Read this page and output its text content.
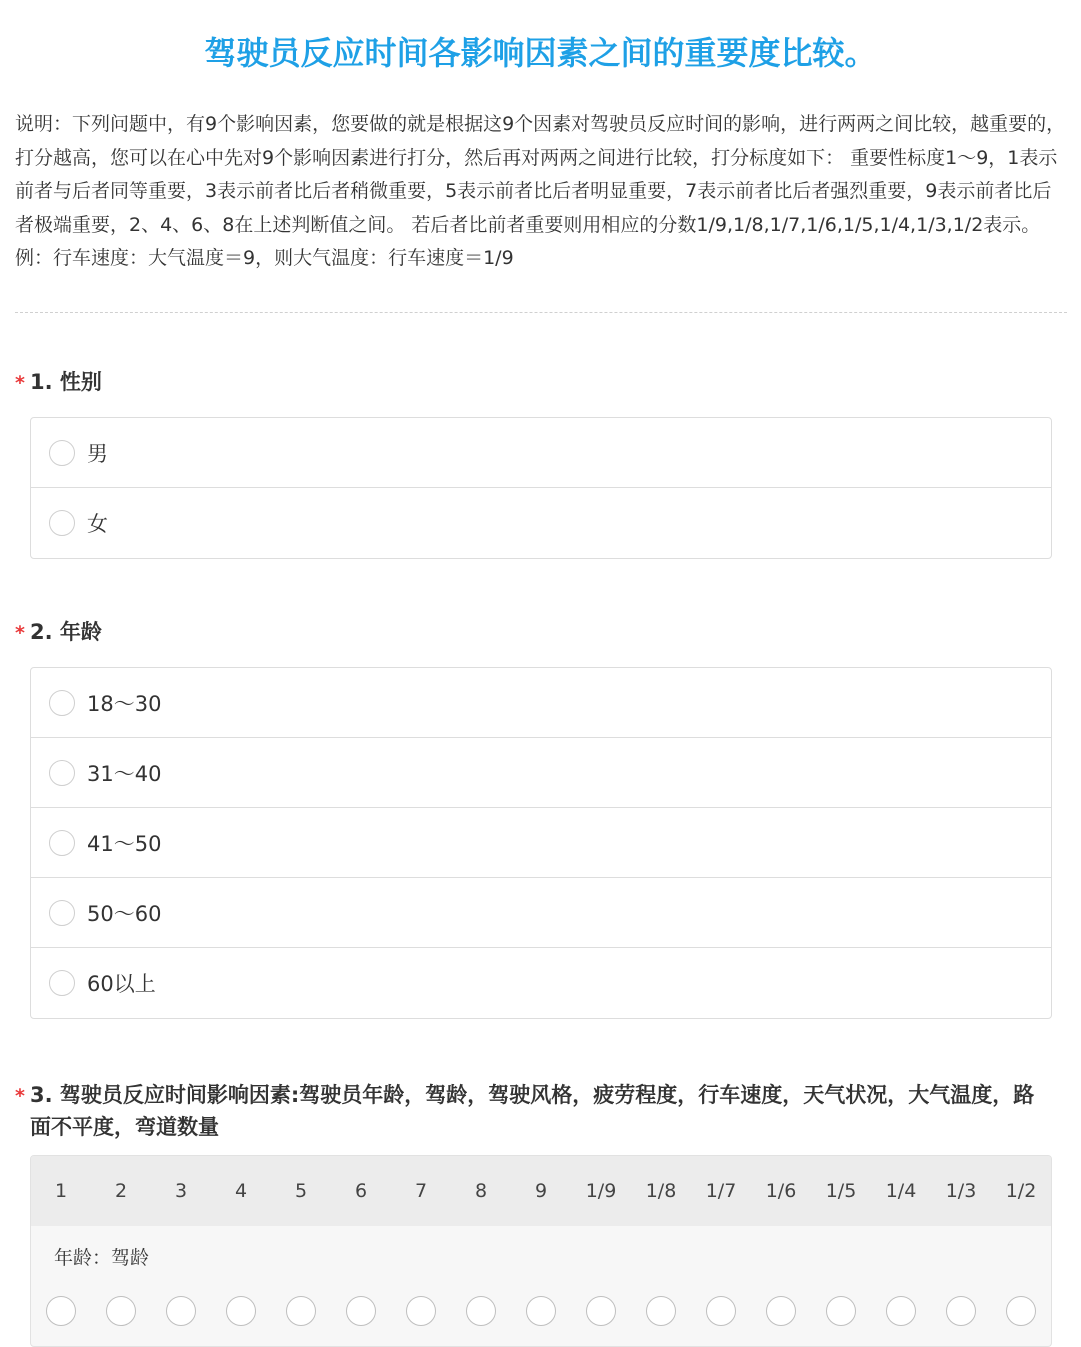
驾驶员反应时间各影响因素之间的重要度比较。

说明：下列问题中，有9个影响因素，您要做的就是根据这9个因素对驾驶员反应时间的影响，进行两两之间比较，越重要的，打分越高，您可以在心中先对9个影响因素进行打分，然后再对两两之间进行比较，打分标度如下： 重要性标度1～9，1表示前者与后者同等重要，3表示前者比后者稍微重要，5表示前者比后者明显重要，7表示前者比后者强烈重要，9表示前者比后者极端重要，2、4、6、8在上述判断值之间。 若后者比前者重要则用相应的分数1/9,1/8,1/7,1/6,1/5,1/4,1/3,1/2表示。 例：行车速度：大气温度＝9，则大气温度：行车速度＝1/9

* 1. 性别
男
女
* 2. 年龄
18～30
31～40
41～50
50～60
60以上
* 3. 驾驶员反应时间影响因素:驾驶员年龄，驾龄，驾驶风格，疲劳程度，行车速度，天气状况，大气温度，路面不平度，弯道数量
1	2	3	4	5	6	7	8	9	1/9	1/8	1/7	1/6	1/5	1/4	1/3	1/2
年龄：驾龄
